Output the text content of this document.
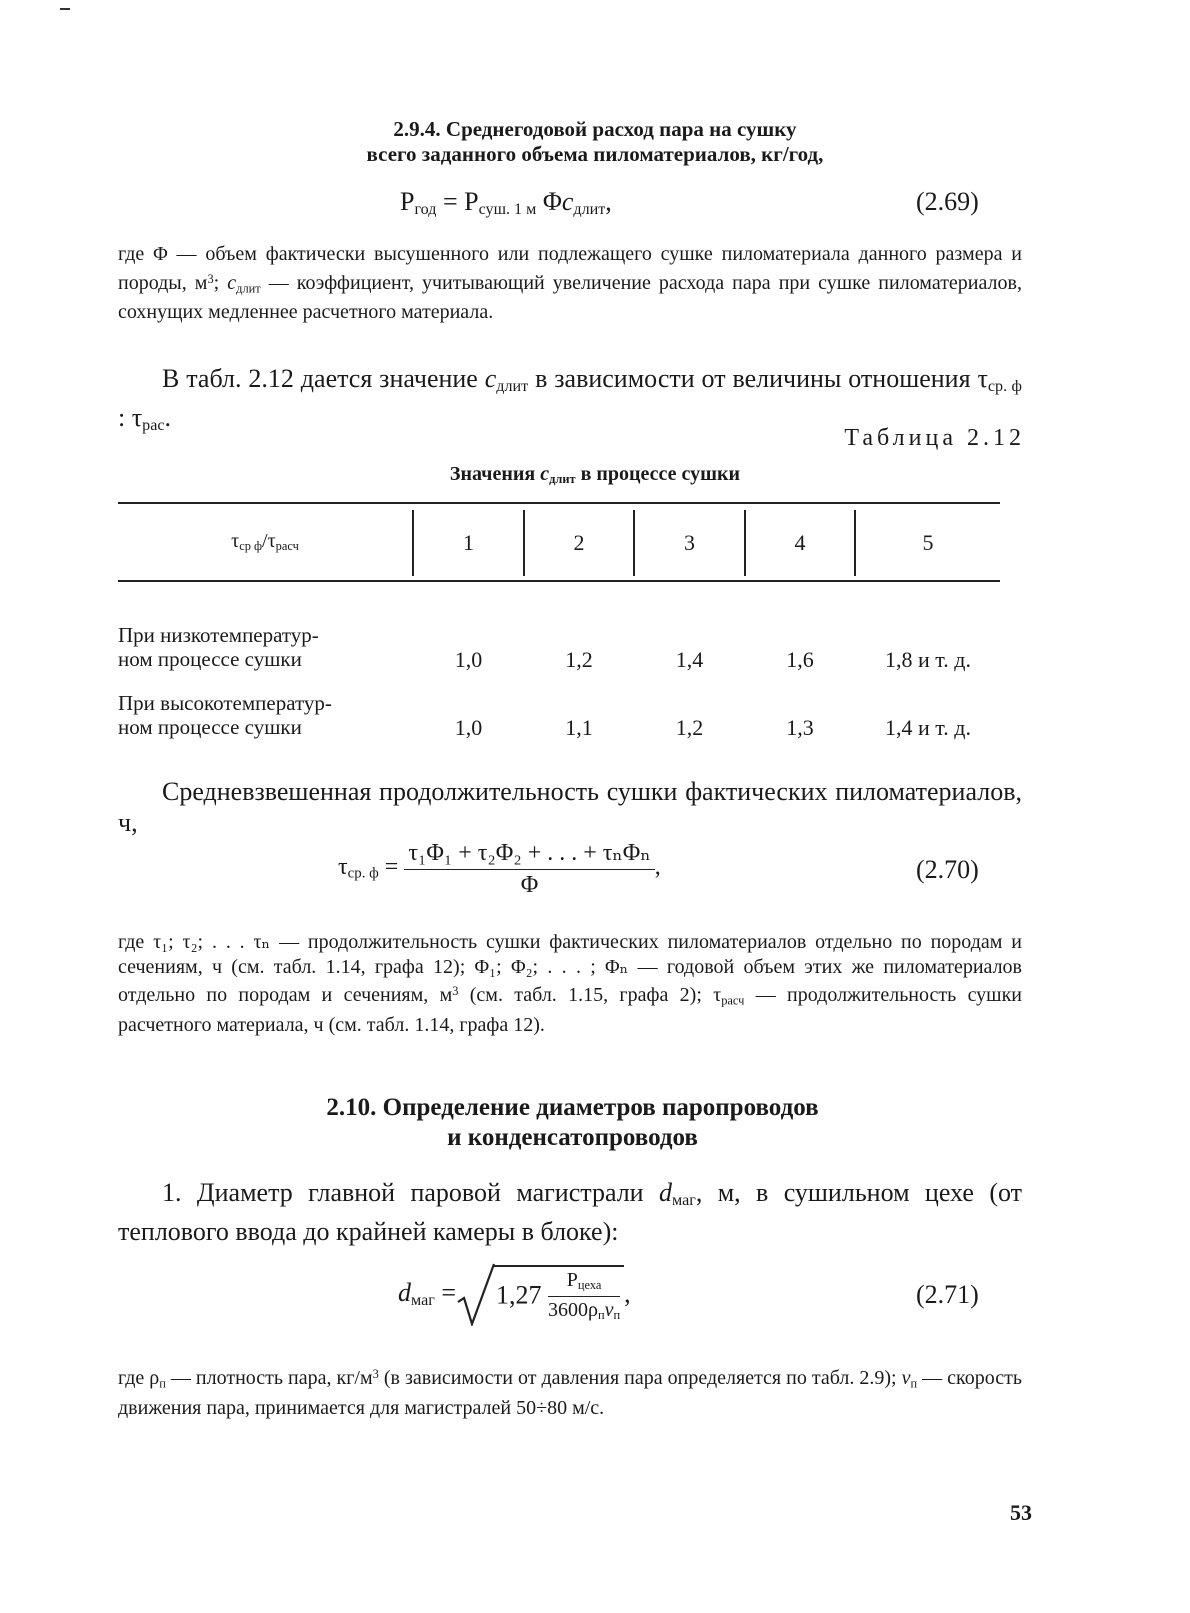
2.9.4. Среднегодовой расход пара на сушку
всего заданного объема пиломатериалов, кг/год,
$P_{год} = P_{суш. 1 м}$ $\Phi c_{длит}$,	(2.69)
где Φ — объем фактически высушенного или подлежащего сушке пиломатериала данного размера и породы, $м^3$; $c_{длит}$ — коэффициент, учитывающий увеличение расхода пара при сушке пиломатериалов, сохнущих медленнее расчетного материала.
В табл. 2.12 дается значение $c_{длит}$ в зависимости от величины отношения $\tau_{ср. ф}$ : $\tau_{рас}$.
Таблица 2.12
Значения $c_{длит}$ в процессе сушки
$\tau_{ср ф}/\tau_{расч}$	1	2	3	4	5
При низкотемператур-
ном процессе сушки	1,0	1,2	1,4	1,6	1,8 и т. д.
При высокотемператур-
ном процессе сушки	1,0	1,1	1,2	1,3	1,4 и т. д.
Средневзвешенная продолжительность сушки фактических пиломатериалов, ч,
$\tau_{ср. ф} = \frac{\text{τ₁Φ₁ + τ₂Φ₂ + . . . + τₙΦₙ}}{\Phi}$ ,	(2.70)
где τ₁; τ₂; . . . τₙ — продолжительность сушки фактических пиломатериалов отдельно по породам и сечениям, ч (см. табл. 1.14, графа 12); Φ₁; Φ₂; . . . ; Φₙ — годовой объем этих же пиломатериалов отдельно по породам и сечениям, $м^3$ (см. табл. 1.15, графа 2); $\tau_{расч}$ — продолжительность сушки расчетного материала, ч (см. табл. 1.14, графа 12).
2.10. Определение диаметров паропроводов
и конденсатопроводов
1. Диаметр главной паровой магистрали $d_{маг}$, м, в сушильном цехе (от теплового ввода до крайней камеры в блоке):
$d_{маг} =1,27 \frac{P_{цеха}}{3600\rho_пv_п}$ ,	(2.71)
где $\rho_п$ — плотность пара, $кг/м^3$ (в зависимости от давления пара определяется по табл. 2.9); $v_п$ — скорость движения пара, принимается для магистралей 50÷80 м/с.
53
